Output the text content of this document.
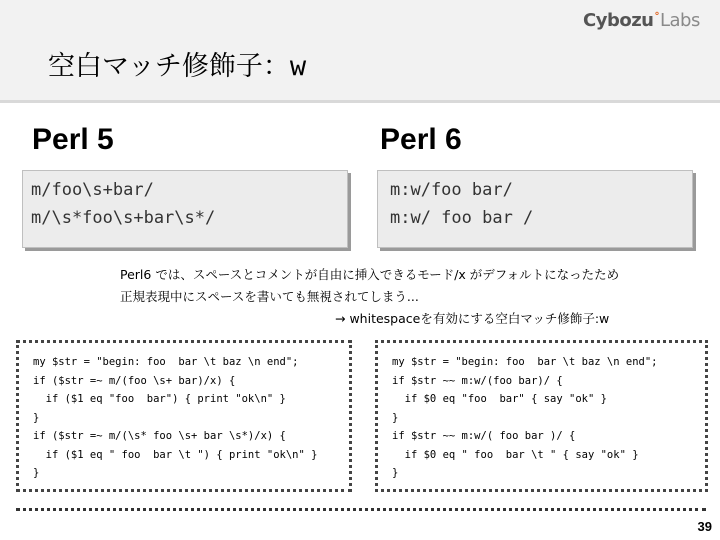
Cybozu°Labs
空白マッチ修飾子：w
Perl 5	Perl 6
m/foo\s+bar/
m/\s*foo\s+bar\s*/
m:w/foo bar/
m:w/ foo bar /
Perl6 では、スペースとコメントが自由に挿入できるモード/x がデフォルトになったため
正規表現中にスペースを書いても無視されてしまう...
→ whitespaceを有効にする空白マッチ修飾子:w
my $str = "begin: foo  bar \t baz \n end";
if ($str =~ m/(foo \s+ bar)/x) {
if ($1 eq "foo  bar") { print "ok\n" }
}
if ($str =~ m/(\s* foo \s+ bar \s*)/x) {
if ($1 eq " foo  bar \t ") { print "ok\n" }
}
my $str = "begin: foo  bar \t baz \n end";
if $str ~~ m:w/(foo bar)/ {
if $0 eq "foo  bar" { say "ok" }
}
if $str ~~ m:w/( foo bar )/ {
if $0 eq " foo  bar \t " { say "ok" }
}
39
